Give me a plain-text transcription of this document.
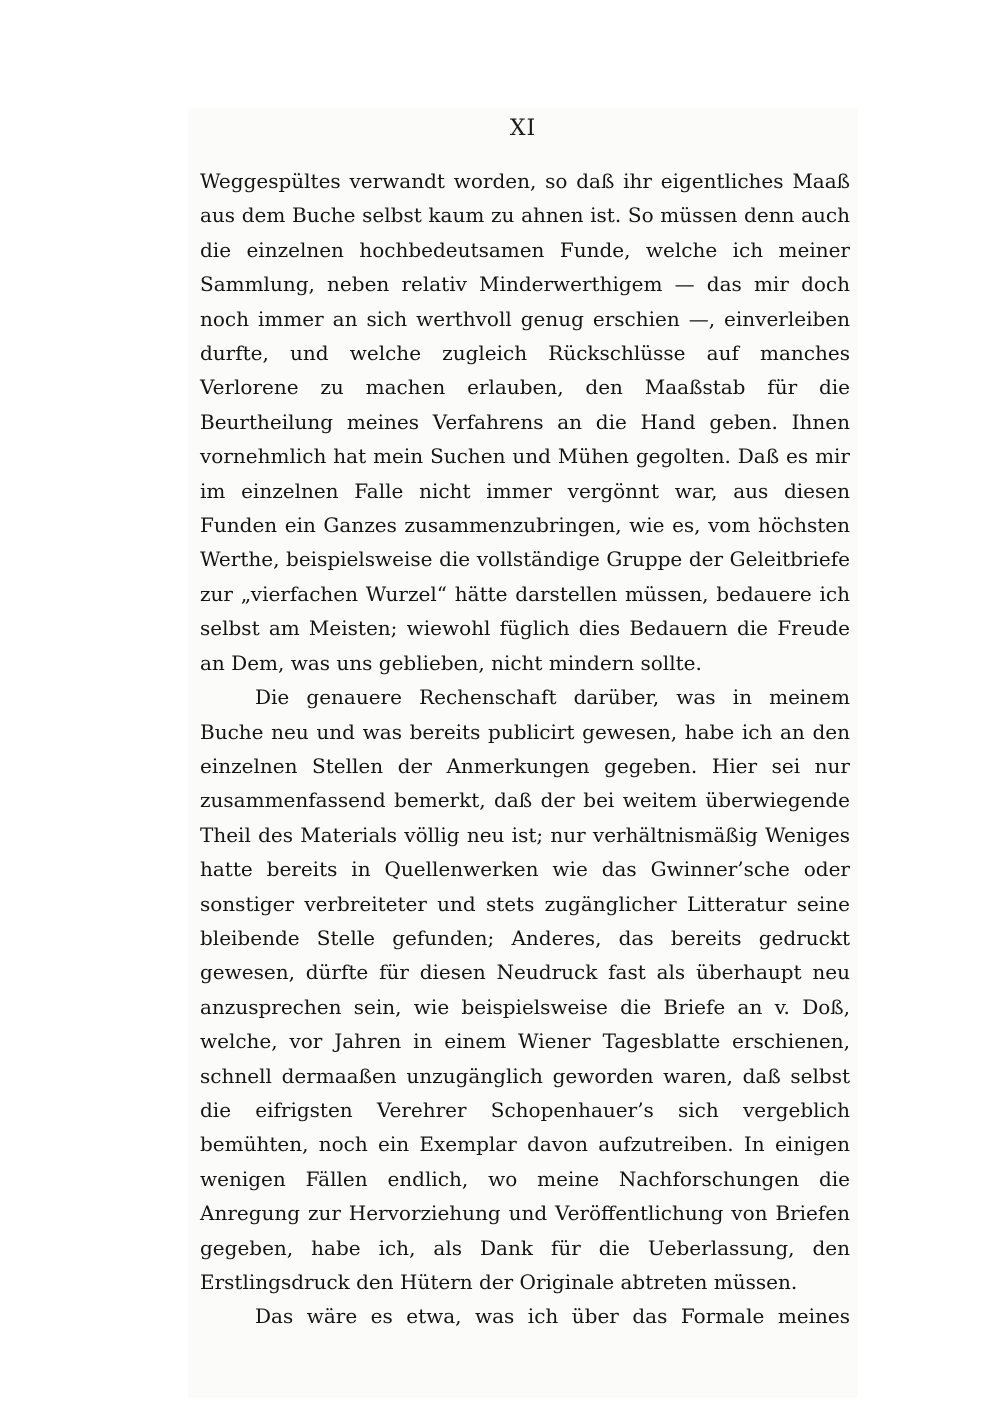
XI

Weggespültes verwandt worden, so daß ihr eigentliches Maaß aus dem Buche selbst kaum zu ahnen ist. So müssen denn auch die einzelnen hochbedeutsamen Funde, welche ich meiner Sammlung, neben relativ Minderwerthigem — das mir doch noch immer an sich werthvoll genug erschien —, einverleiben durfte, und welche zugleich Rückschlüsse auf manches Verlorene zu machen erlauben, den Maaßstab für die Beurtheilung meines Verfahrens an die Hand geben. Ihnen vornehmlich hat mein Suchen und Mühen gegolten. Daß es mir im einzelnen Falle nicht immer vergönnt war, aus diesen Funden ein Ganzes zusammenzubringen, wie es, vom höchsten Werthe, beispielsweise die vollständige Gruppe der Geleitbriefe zur „vierfachen Wurzel“ hätte darstellen müssen, bedauere ich selbst am Meisten; wiewohl füglich dies Bedauern die Freude an Dem, was uns geblieben, nicht mindern sollte.

Die genauere Rechenschaft darüber, was in meinem Buche neu und was bereits publicirt gewesen, habe ich an den einzelnen Stellen der Anmerkungen gegeben. Hier sei nur zusammenfassend bemerkt, daß der bei weitem überwiegende Theil des Materials völlig neu ist; nur verhältnismäßig Weniges hatte bereits in Quellenwerken wie das Gwinner’sche oder sonstiger verbreiteter und stets zugänglicher Litteratur seine bleibende Stelle gefunden; Anderes, das bereits gedruckt gewesen, dürfte für diesen Neudruck fast als überhaupt neu anzusprechen sein, wie beispielsweise die Briefe an v. Doß, welche, vor Jahren in einem Wiener Tagesblatte erschienen, schnell dermaaßen unzugänglich geworden waren, daß selbst die eifrigsten Verehrer Schopenhauer’s sich vergeblich bemühten, noch ein Exemplar davon aufzutreiben. In einigen wenigen Fällen endlich, wo meine Nachforschungen die Anregung zur Hervorziehung und Veröffentlichung von Briefen gegeben, habe ich, als Dank für die Ueberlassung, den Erstlingsdruck den Hütern der Originale abtreten müssen.

Das wäre es etwa, was ich über das Formale meines
